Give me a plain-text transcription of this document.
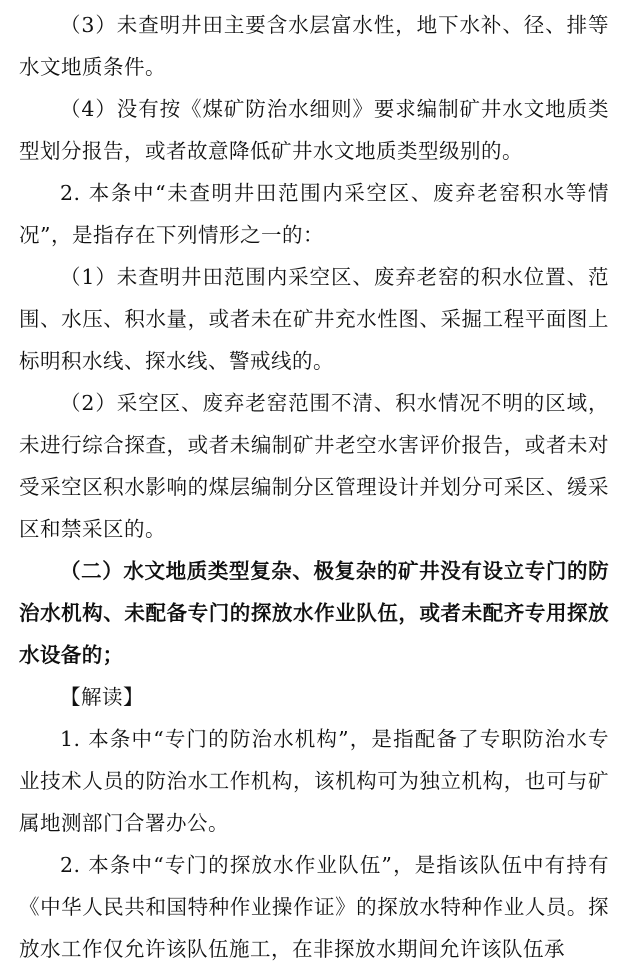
（3）未查明井田主要含水层富水性，地下水补、径、排等水文地质条件。

（4）没有按《煤矿防治水细则》要求编制矿井水文地质类型划分报告，或者故意降低矿井水文地质类型级别的。

2. 本条中“未查明井田范围内采空区、废弃老窑积水等情况”，是指存在下列情形之一的：

（1）未查明井田范围内采空区、废弃老窑的积水位置、范围、水压、积水量，或者未在矿井充水性图、采掘工程平面图上标明积水线、探水线、警戒线的。

（2）采空区、废弃老窑范围不清、积水情况不明的区域，未进行综合探查，或者未编制矿井老空水害评价报告，或者未对受采空区积水影响的煤层编制分区管理设计并划分可采区、缓采区和禁采区的。

（二）水文地质类型复杂、极复杂的矿井没有设立专门的防治水机构、未配备专门的探放水作业队伍，或者未配齐专用探放水设备的；

【解读】

1. 本条中“专门的防治水机构”，是指配备了专职防治水专业技术人员的防治水工作机构，该机构可为独立机构，也可与矿属地测部门合署办公。

2. 本条中“专门的探放水作业队伍”，是指该队伍中有持有《中华人民共和国特种作业操作证》的探放水特种作业人员。探放水工作仅允许该队伍施工，在非探放水期间允许该队伍承
